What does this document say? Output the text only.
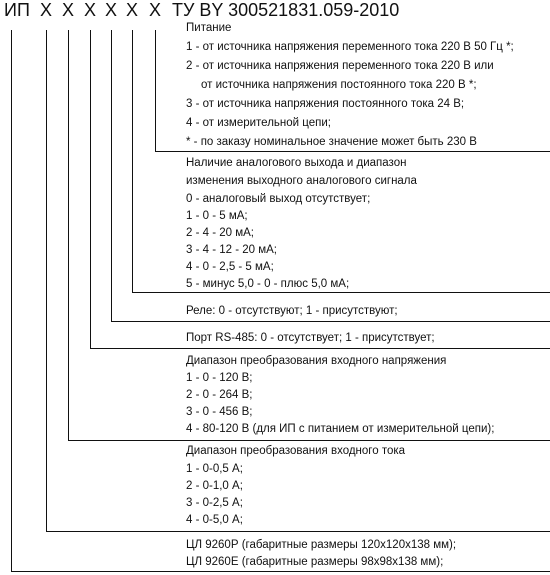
ИП Х Х Х Х Х Х ТУ BY 300521831.059-2010
Питание
1 - от источника напряжения переменного тока 220 В 50 Гц *;
2 - от источника напряжения переменного тока 220 В или
от источника напряжения постоянного тока 220 В *;
3 - от источника напряжения постоянного тока 24 В;
4 - от измерительной цепи;
* - по заказу номинальное значение может быть 230 В
Наличие аналогового выхода и диапазон
изменения выходного аналогового сигнала
0 - аналоговый выход отсутствует;
1 - 0 - 5 мА;
2 - 4 - 20 мА;
3 - 4 - 12 - 20 мА;
4 - 0 - 2,5 - 5 мА;
5 - минус 5,0 - 0 - плюс 5,0 мА;
Реле: 0 - отсутствуют; 1 - присутствуют;
Порт RS-485: 0 - отсутствует; 1 - присутствует;
Диапазон преобразования входного напряжения
1 - 0 - 120 В;
2 - 0 - 264 В;
3 - 0 - 456 В;
4 - 80-120 В (для ИП с питанием от измерительной цепи);
Диапазон преобразования входного тока
1 - 0-0,5 А;
2 - 0-1,0 А;
3 - 0-2,5 А;
4 - 0-5,0 А;
ЦЛ 9260Р (габаритные размеры 120х120х138 мм);
ЦЛ 9260Е (габаритные размеры 98х98х138 мм);
